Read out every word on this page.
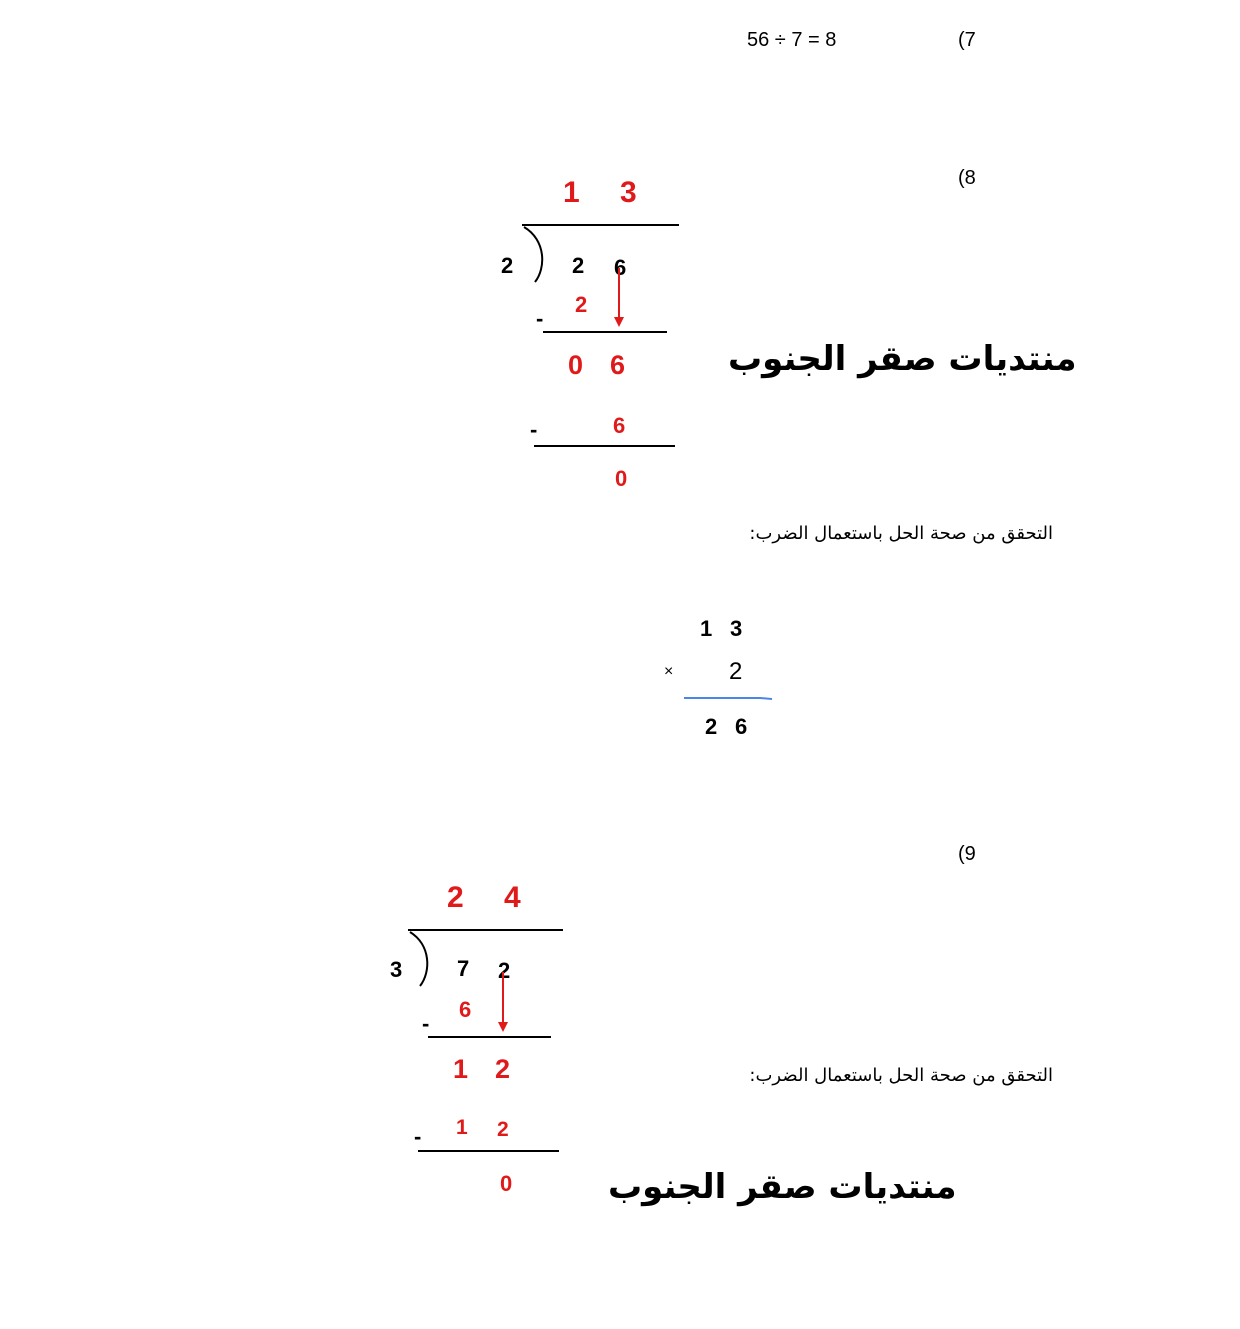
(7
56 ÷ 7 = 8
(8
1 3
2	2 6
2
-
0 6
6
-
0
منتديات صقر الجنوب
التحقق من صحة الحل باستعمال الضرب:
1 3
× 2
2 6
(9
2 4
3 7 2
6
-
1 2
1 2
-
0
التحقق من صحة الحل باستعمال الضرب:
منتديات صقر الجنوب
